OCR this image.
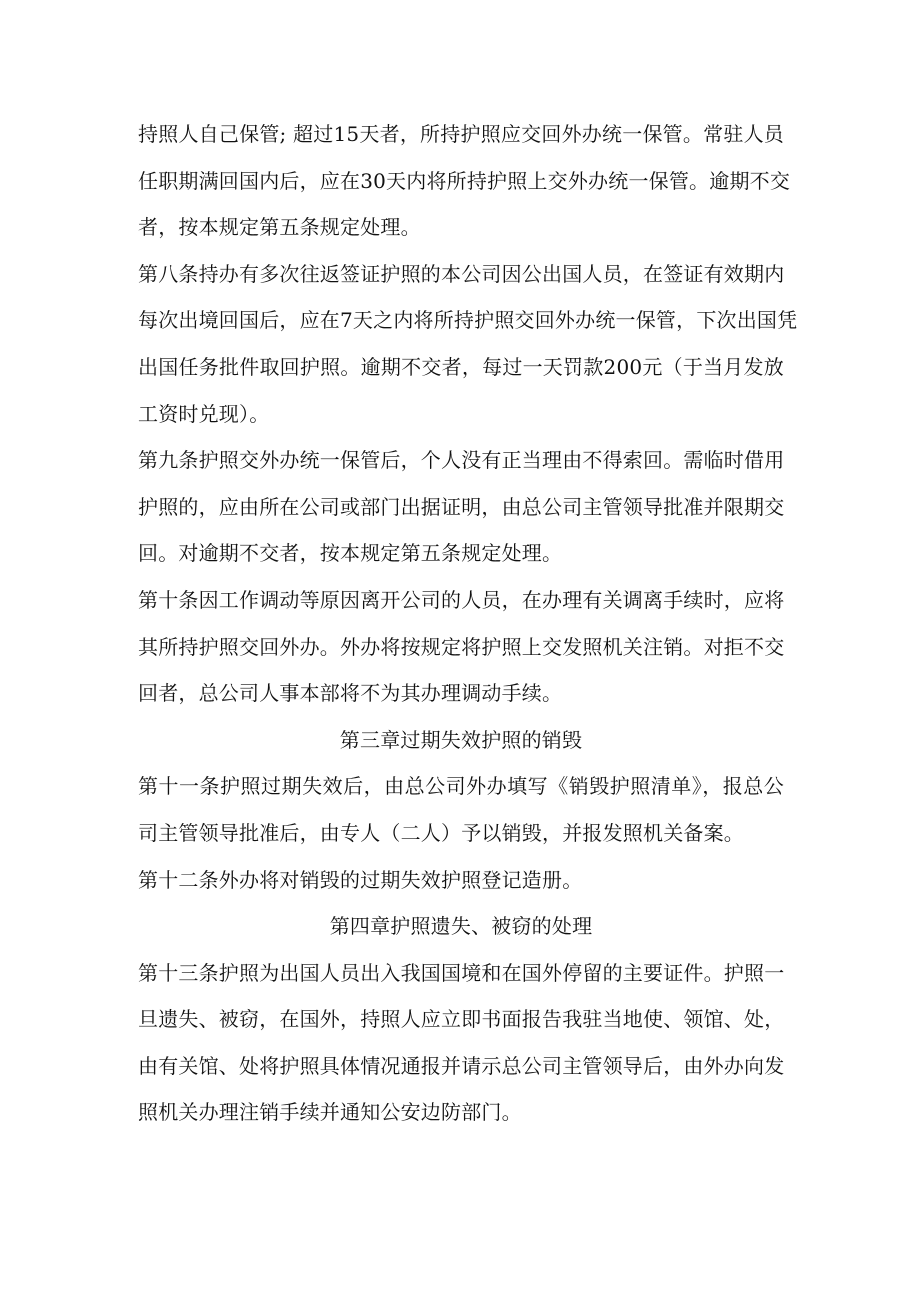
持照人自己保管; 超过15天者，所持护照应交回外办统一保管。常驻人员
任职期满回国内后，应在30天内将所持护照上交外办统一保管。逾期不交
者，按本规定第五条规定处理。
第八条持办有多次往返签证护照的本公司因公出国人员，在签证有效期内
每次出境回国后，应在7天之内将所持护照交回外办统一保管，下次出国凭
出国任务批件取回护照。逾期不交者，每过一天罚款200元（于当月发放
工资时兑现）。
第九条护照交外办统一保管后，个人没有正当理由不得索回。需临时借用
护照的，应由所在公司或部门出据证明，由总公司主管领导批准并限期交
回。对逾期不交者，按本规定第五条规定处理。
第十条因工作调动等原因离开公司的人员，在办理有关调离手续时，应将
其所持护照交回外办。外办将按规定将护照上交发照机关注销。对拒不交
回者，总公司人事本部将不为其办理调动手续。
第三章过期失效护照的销毁
第十一条护照过期失效后，由总公司外办填写《销毁护照清单》，报总公
司主管领导批准后，由专人（二人）予以销毁，并报发照机关备案。
第十二条外办将对销毁的过期失效护照登记造册。
第四章护照遗失、被窃的处理
第十三条护照为出国人员出入我国国境和在国外停留的主要证件。护照一
旦遗失、被窃，在国外，持照人应立即书面报告我驻当地使、领馆、处，
由有关馆、处将护照具体情况通报并请示总公司主管领导后，由外办向发
照机关办理注销手续并通知公安边防部门。
